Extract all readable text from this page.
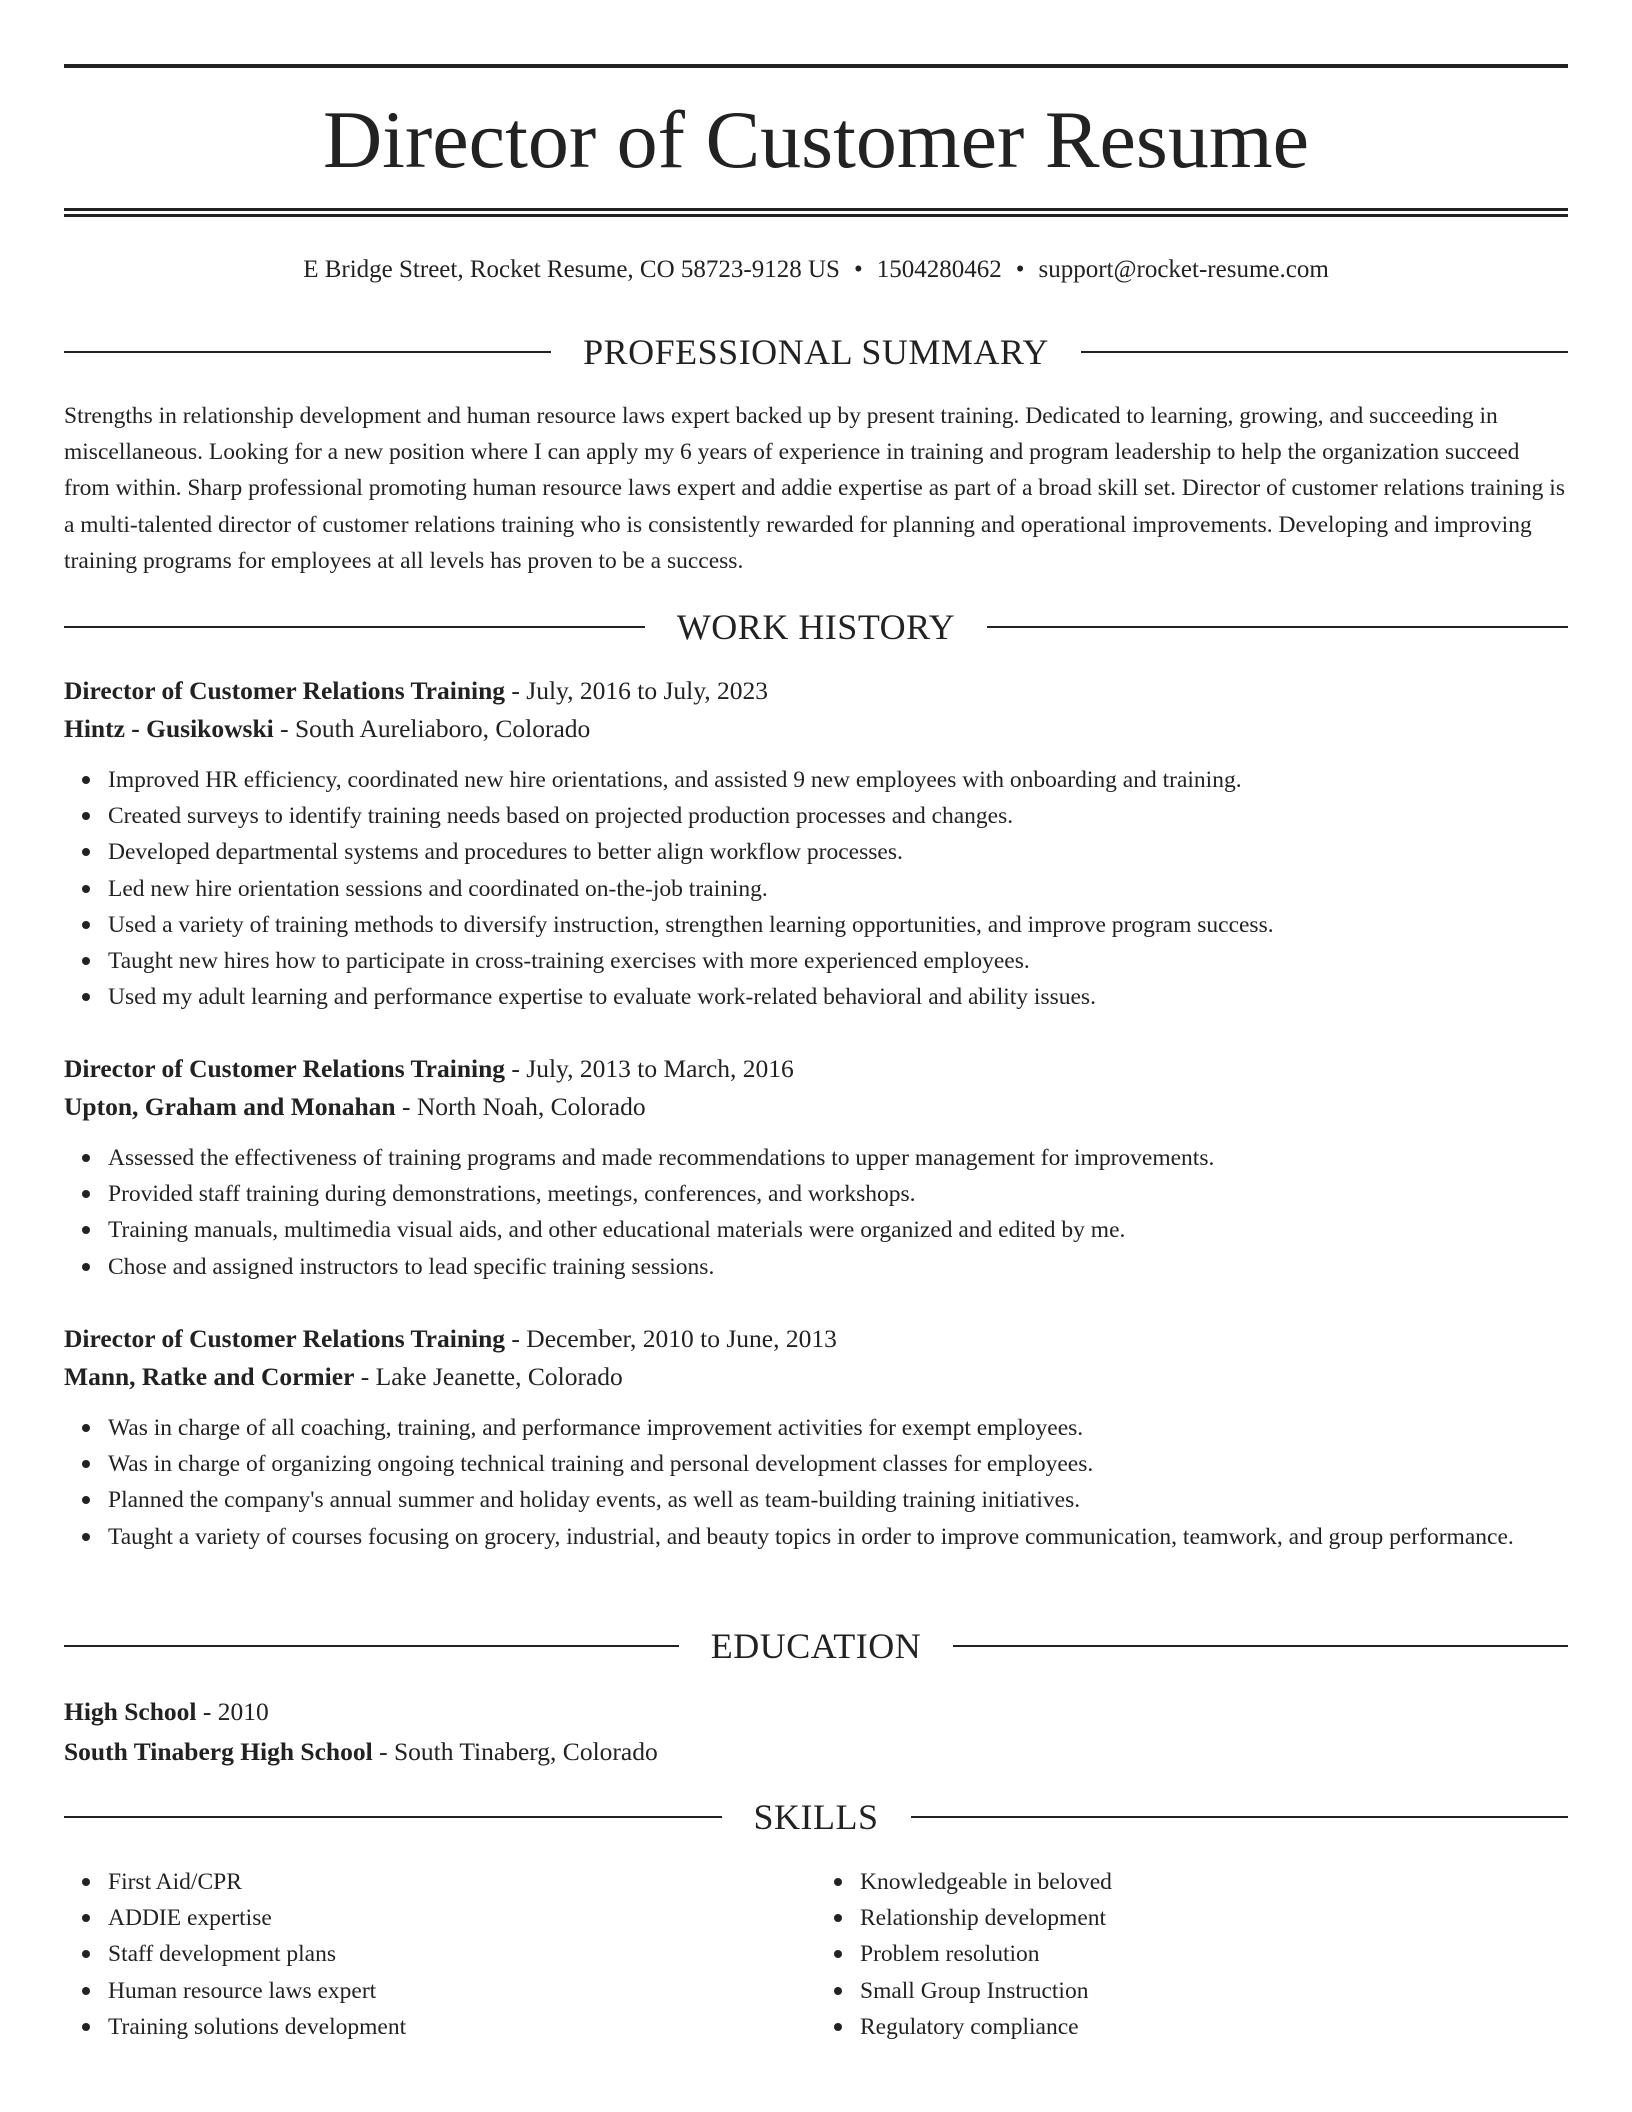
Director of Customer Resume
E Bridge Street, Rocket Resume, CO 58723-9128 US • 1504280462 • support@rocket-resume.com
PROFESSIONAL SUMMARY

Strengths in relationship development and human resource laws expert backed up by present training. Dedicated to learning, growing, and succeeding in miscellaneous. Looking for a new position where I can apply my 6 years of experience in training and program leadership to help the organization succeed from within. Sharp professional promoting human resource laws expert and addie expertise as part of a broad skill set. Director of customer relations training is a multi-talented director of customer relations training who is consistently rewarded for planning and operational improvements. Developing and improving training programs for employees at all levels has proven to be a success.

WORK HISTORY
Director of Customer Relations Training - July, 2016 to July, 2023
Hintz - Gusikowski - South Aureliaboro, Colorado
Improved HR efficiency, coordinated new hire orientations, and assisted 9 new employees with onboarding and training.
Created surveys to identify training needs based on projected production processes and changes.
Developed departmental systems and procedures to better align workflow processes.
Led new hire orientation sessions and coordinated on-the-job training.
Used a variety of training methods to diversify instruction, strengthen learning opportunities, and improve program success.
Taught new hires how to participate in cross-training exercises with more experienced employees.
Used my adult learning and performance expertise to evaluate work-related behavioral and ability issues.
Director of Customer Relations Training - July, 2013 to March, 2016
Upton, Graham and Monahan - North Noah, Colorado
Assessed the effectiveness of training programs and made recommendations to upper management for improvements.
Provided staff training during demonstrations, meetings, conferences, and workshops.
Training manuals, multimedia visual aids, and other educational materials were organized and edited by me.
Chose and assigned instructors to lead specific training sessions.
Director of Customer Relations Training - December, 2010 to June, 2013
Mann, Ratke and Cormier - Lake Jeanette, Colorado
Was in charge of all coaching, training, and performance improvement activities for exempt employees.
Was in charge of organizing ongoing technical training and personal development classes for employees.
Planned the company's annual summer and holiday events, as well as team-building training initiatives.
Taught a variety of courses focusing on grocery, industrial, and beauty topics in order to improve communication, teamwork, and group performance.
EDUCATION
High School - 2010
South Tinaberg High School - South Tinaberg, Colorado
SKILLS
First Aid/CPR
ADDIE expertise
Staff development plans
Human resource laws expert
Training solutions development
Knowledgeable in beloved
Relationship development
Problem resolution
Small Group Instruction
Regulatory compliance
